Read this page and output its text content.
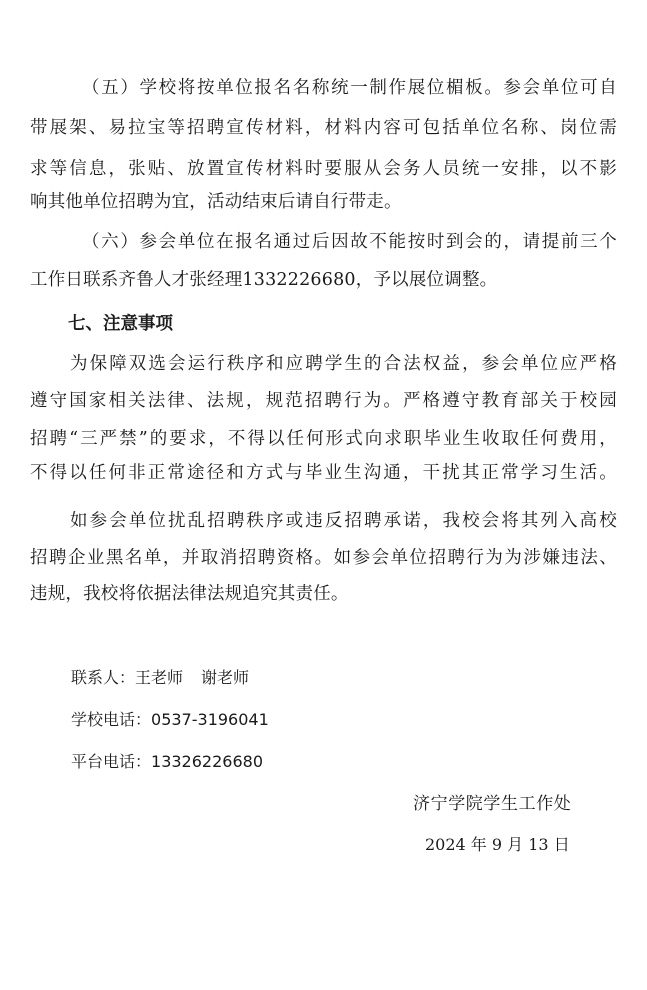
（五）学校将按单位报名名称统一制作展位楣板。参会单位可自
带展架、易拉宝等招聘宣传材料，材料内容可包括单位名称、岗位需
求等信息，张贴、放置宣传材料时要服从会务人员统一安排，以不影
响其他单位招聘为宜，活动结束后请自行带走。
（六）参会单位在报名通过后因故不能按时到会的，请提前三个
工作日联系齐鲁人才张经理1332226680，予以展位调整。
七、注意事项
为保障双选会运行秩序和应聘学生的合法权益，参会单位应严格
遵守国家相关法律、法规，规范招聘行为。严格遵守教育部关于校园
招聘“三严禁”的要求，不得以任何形式向求职毕业生收取任何费用，
不得以任何非正常途径和方式与毕业生沟通，干扰其正常学习生活。
如参会单位扰乱招聘秩序或违反招聘承诺，我校会将其列入高校
招聘企业黑名单，并取消招聘资格。如参会单位招聘行为为涉嫌违法、
违规，我校将依据法律法规追究其责任。
联系人：王老师 谢老师
学校电话：0537-3196041
平台电话：13326226680
济宁学院学生工作处
2024 年 9 月 13 日
